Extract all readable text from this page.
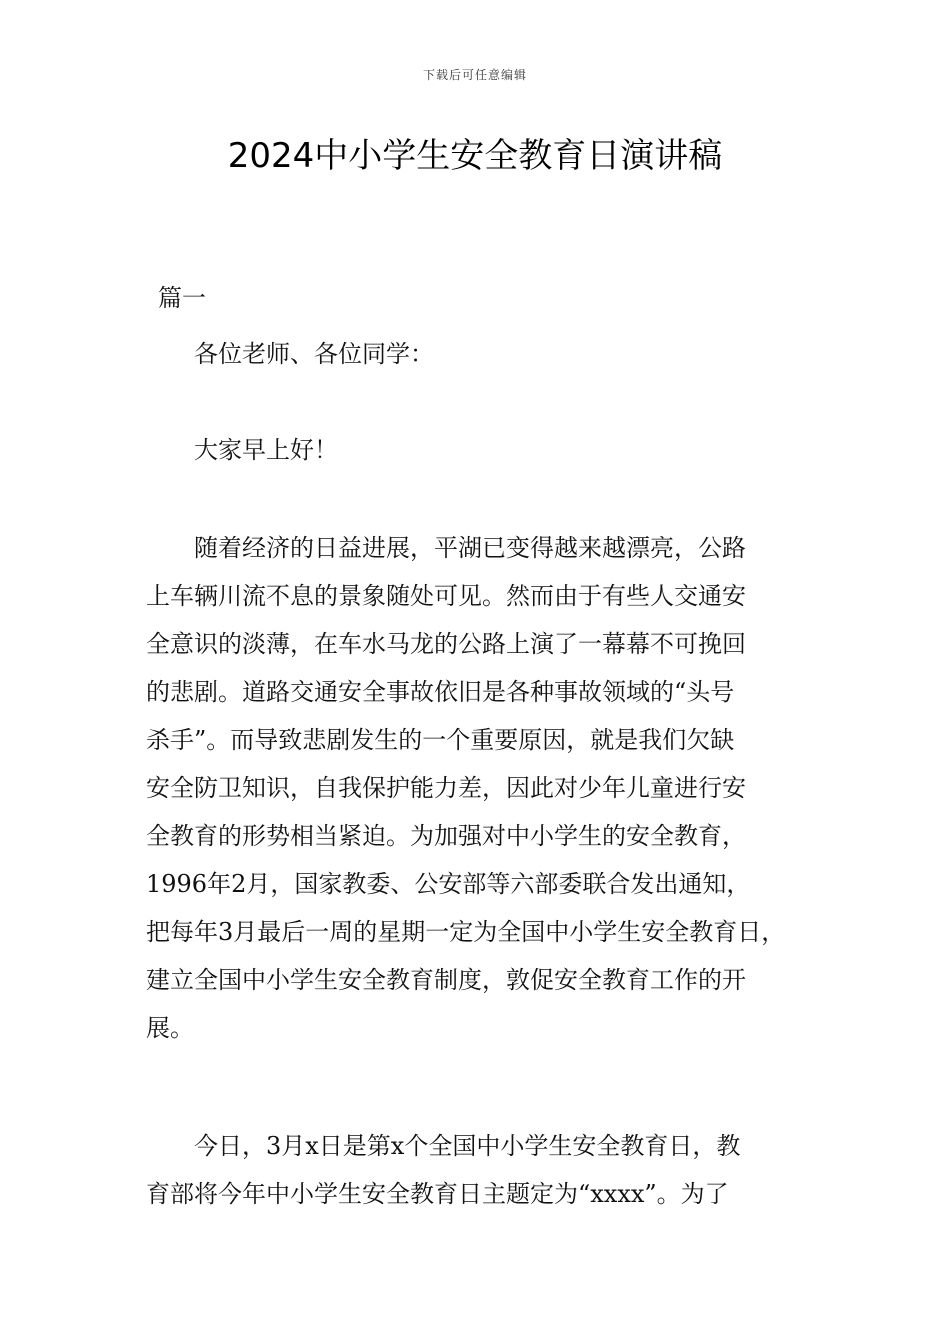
下载后可任意编辑
2024中小学生安全教育日演讲稿

篇一

各位老师、各位同学：

大家早上好！

随着经济的日益进展，平湖已变得越来越漂亮，公路
上车辆川流不息的景象随处可见。然而由于有些人交通安
全意识的淡薄，在车水马龙的公路上演了一幕幕不可挽回
的悲剧。道路交通安全事故依旧是各种事故领域的“头号
杀手”。而导致悲剧发生的一个重要原因，就是我们欠缺
安全防卫知识，自我保护能力差，因此对少年儿童进行安
全教育的形势相当紧迫。为加强对中小学生的安全教育，
1996年2月，国家教委、公安部等六部委联合发出通知，
把每年3月最后一周的星期一定为全国中小学生安全教育日，
建立全国中小学生安全教育制度，敦促安全教育工作的开
展。

今日，3月x日是第x个全国中小学生安全教育日，教
育部将今年中小学生安全教育日主题定为“xxxx”。为了
